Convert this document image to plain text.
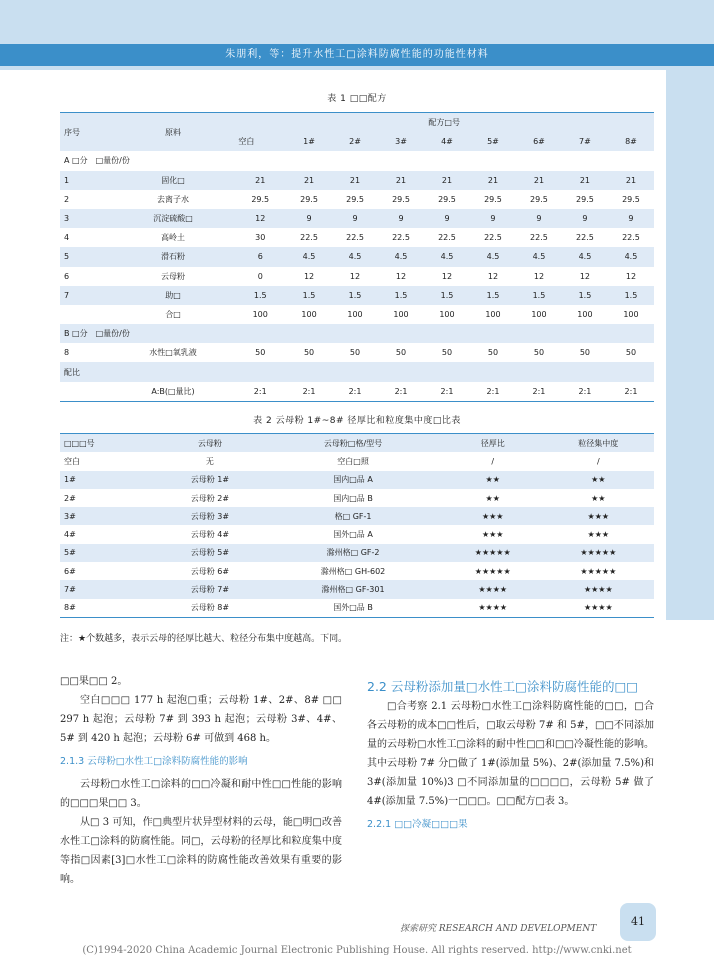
朱朋利，等：提升水性工□涂料防腐性能的功能性材料
表 1 □□配方
序号	原料	配方□号								
		空白	1#	2#	3#	4#	5#	6#	7#	8#
A □分　□量份/份										
1	固化□	21	21	21	21	21	21	21	21	21
2	去离子水	29.5	29.5	29.5	29.5	29.5	29.5	29.5	29.5	29.5
3	沉淀硫酸□	12	9	9	9	9	9	9	9	9
4	高岭土	30	22.5	22.5	22.5	22.5	22.5	22.5	22.5	22.5
5	滑石粉	6	4.5	4.5	4.5	4.5	4.5	4.5	4.5	4.5
6	云母粉	0	12	12	12	12	12	12	12	12
7	助□	1.5	1.5	1.5	1.5	1.5	1.5	1.5	1.5	1.5
	合□	100	100	100	100	100	100	100	100	100
B □分　□量份/份										
8	水性□氧乳液	50	50	50	50	50	50	50	50	50
配比										
	A:B(□量比)	2:1	2:1	2:1	2:1	2:1	2:1	2:1	2:1	2:1
表 2 云母粉 1#~8# 径厚比和粒度集中度□比表
□□□号	云母粉	云母粉□格/型号	径厚比	粒径集中度
空白	无	空白□照	/	/
1#	云母粉 1#	国内□品 A	★★	★★
2#	云母粉 2#	国内□品 B	★★	★★
3#	云母粉 3#	格□ GF-1	★★★	★★★
4#	云母粉 4#	国外□品 A	★★★	★★★
5#	云母粉 5#	滁州格□ GF-2	★★★★★	★★★★★
6#	云母粉 6#	滁州格□ GH-602	★★★★★	★★★★★
7#	云母粉 7#	滁州格□ GF-301	★★★★	★★★★
8#	云母粉 8#	国外□品 B	★★★★	★★★★
注：★个数越多，表示云母的径厚比越大、粒径分布集中度越高。下同。

□□果□□ 2。

空白□□□ 177 h 起泡□重；云母粉 1#、2#、8# □□ 297 h 起泡；云母粉 7# 到 393 h 起泡；云母粉 3#、4#、5# 到 420 h 起泡；云母粉 6# 可做到 468 h。

2.1.3 云母粉□水性工□涂料防腐性能的影响

云母粉□水性工□涂料的□□冷凝和耐中性□□性能的影响的□□□果□□ 3。

从□ 3 可知，作□典型片状异型材料的云母，能□明□改善水性工□涂料的防腐性能。同□，云母粉的径厚比和粒度集中度等指□因素[3]□水性工□涂料的防腐性能改善效果有重要的影响。

2.2 云母粉添加量□水性工□涂料防腐性能的□□

□合考察 2.1 云母粉□水性工□涂料防腐性能的□□，□合各云母粉的成本□□性后，□取云母粉 7# 和 5#，□□不同添加量的云母粉□水性工□涂料的耐中性□□和□□冷凝性能的影响。其中云母粉 7# 分□做了 1#(添加量 5%)、2#(添加量 7.5%)和 3#(添加量 10%)3 □不同添加量的□□□□，云母粉 5# 做了 4#(添加量 7.5%)一□□□。□□配方□表 3。

2.2.1 □□冷凝□□□果

探索研究 RESEARCH AND DEVELOPMENT
41
(C)1994-2020 China Academic Journal Electronic Publishing House. All rights reserved. http://www.cnki.net
